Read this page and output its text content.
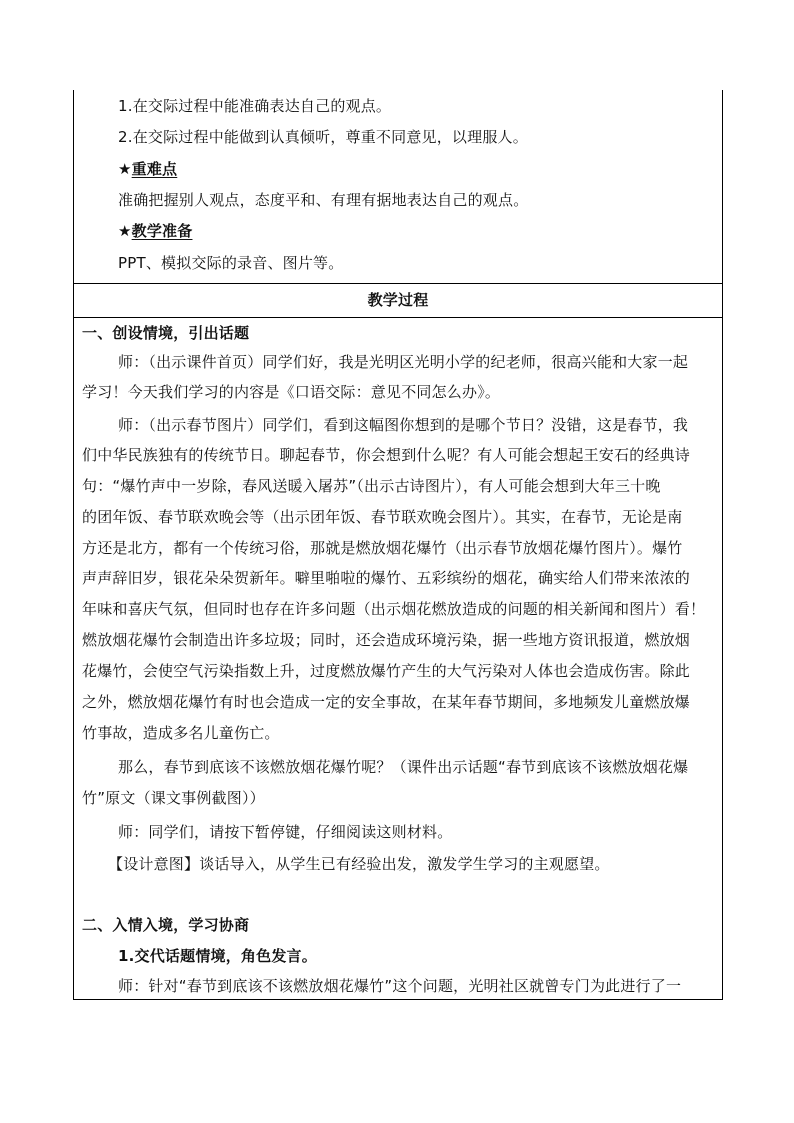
1.在交际过程中能准确表达自己的观点。
2.在交际过程中能做到认真倾听，尊重不同意见，以理服人。
★重难点
准确把握别人观点，态度平和、有理有据地表达自己的观点。
★教学准备
PPT、模拟交际的录音、图片等。
教学过程
一、创设情境，引出话题
师：（出示课件首页）同学们好，我是光明区光明小学的纪老师，很高兴能和大家一起
学习！今天我们学习的内容是《口语交际：意见不同怎么办》。
师：（出示春节图片）同学们，看到这幅图你想到的是哪个节日？没错，这是春节，我
们中华民族独有的传统节日。聊起春节，你会想到什么呢？有人可能会想起王安石的经典诗
句：“爆竹声中一岁除，春风送暖入屠苏”（出示古诗图片），有人可能会想到大年三十晚
的团年饭、春节联欢晚会等（出示团年饭、春节联欢晚会图片）。其实，在春节，无论是南
方还是北方，都有一个传统习俗，那就是燃放烟花爆竹（出示春节放烟花爆竹图片）。爆竹
声声辞旧岁，银花朵朵贺新年。噼里啪啦的爆竹、五彩缤纷的烟花，确实给人们带来浓浓的
年味和喜庆气氛，但同时也存在许多问题（出示烟花燃放造成的问题的相关新闻和图片）看！
燃放烟花爆竹会制造出许多垃圾；同时，还会造成环境污染，据一些地方资讯报道，燃放烟
花爆竹，会使空气污染指数上升，过度燃放爆竹产生的大气污染对人体也会造成伤害。除此
之外，燃放烟花爆竹有时也会造成一定的安全事故，在某年春节期间，多地频发儿童燃放爆
竹事故，造成多名儿童伤亡。
那么，春节到底该不该燃放烟花爆竹呢？（课件出示话题“春节到底该不该燃放烟花爆
竹”原文（课文事例截图））
师：同学们，请按下暂停键，仔细阅读这则材料。
【设计意图】谈话导入，从学生已有经验出发，激发学生学习的主观愿望。
二、入情入境，学习协商
1.交代话题情境，角色发言。
师：针对“春节到底该不该燃放烟花爆竹”这个问题，光明社区就曾专门为此进行了一
